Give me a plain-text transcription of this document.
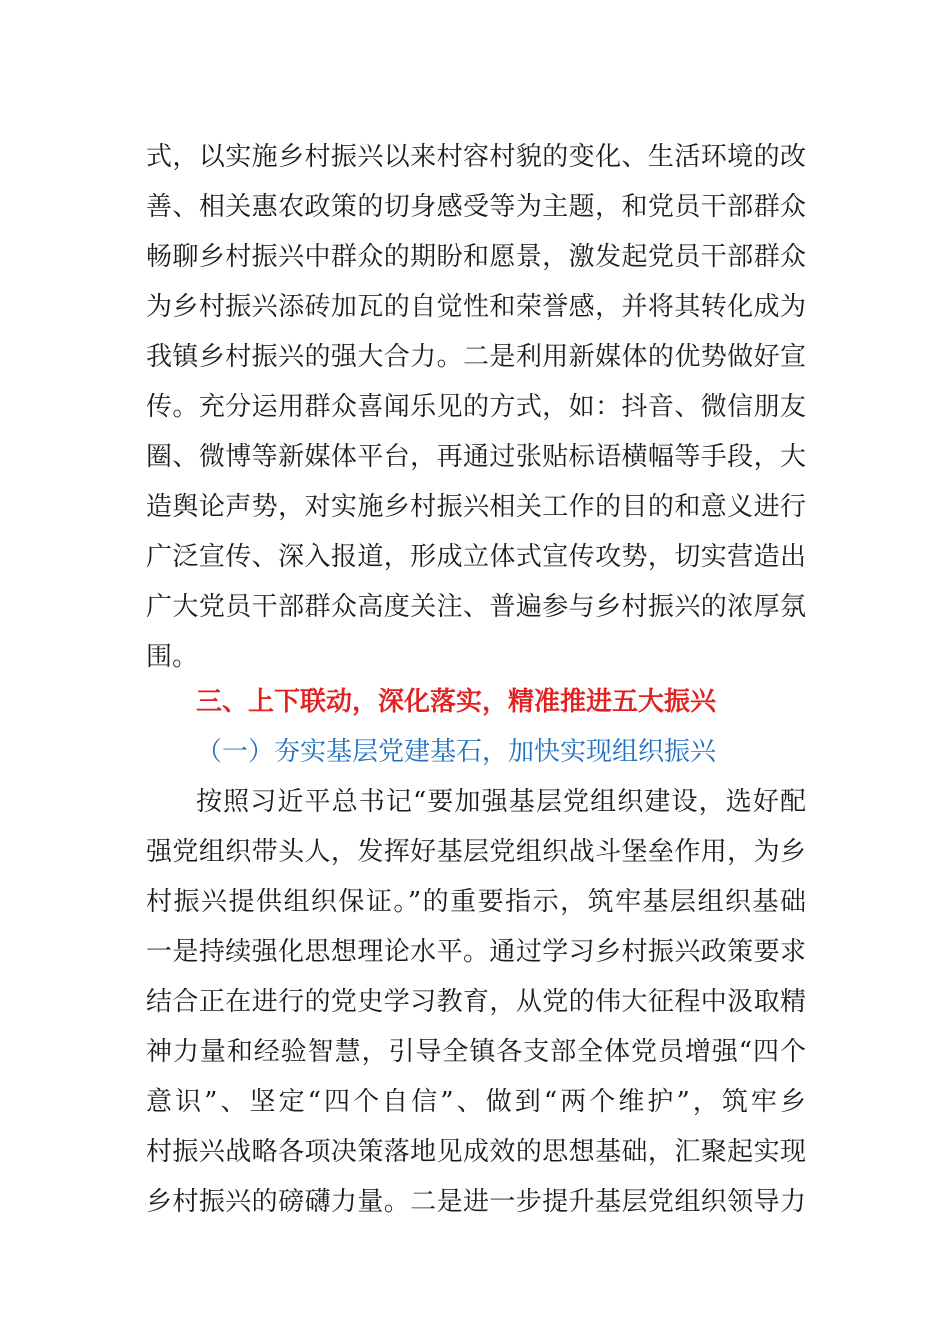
式，以实施乡村振兴以来村容村貌的变化、生活环境的改
善、相关惠农政策的切身感受等为主题，和党员干部群众
畅聊乡村振兴中群众的期盼和愿景，激发起党员干部群众
为乡村振兴添砖加瓦的自觉性和荣誉感，并将其转化成为
我镇乡村振兴的强大合力。二是利用新媒体的优势做好宣
传。充分运用群众喜闻乐见的方式，如：抖音、微信朋友
圈、微博等新媒体平台，再通过张贴标语横幅等手段，大
造舆论声势，对实施乡村振兴相关工作的目的和意义进行
广泛宣传、深入报道，形成立体式宣传攻势，切实营造出
广大党员干部群众高度关注、普遍参与乡村振兴的浓厚氛
围。
三、上下联动，深化落实，精准推进五大振兴
（一）夯实基层党建基石，加快实现组织振兴
按照习近平总书记“要加强基层党组织建设，选好配
强党组织带头人，发挥好基层党组织战斗堡垒作用，为乡
村振兴提供组织保证。”的重要指示，筑牢基层组织基础
一是持续强化思想理论水平。通过学习乡村振兴政策要求
结合正在进行的党史学习教育，从党的伟大征程中汲取精
神力量和经验智慧，引导全镇各支部全体党员增强“四个
意识”、坚定“四个自信”、做到“两个维护”，筑牢乡
村振兴战略各项决策落地见成效的思想基础，汇聚起实现
乡村振兴的磅礴力量。二是进一步提升基层党组织领导力
